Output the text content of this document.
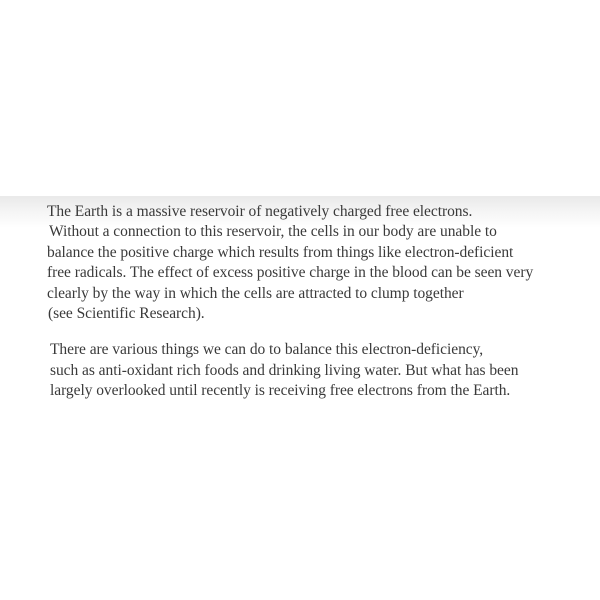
The Earth is a massive reservoir of negatively charged free electrons.
Without a connection to this reservoir, the cells in our body are unable to
balance the positive charge which results from things like electron-deficient
free radicals. The effect of excess positive charge in the blood can be seen very
clearly by the way in which the cells are attracted to clump together
(see Scientific Research).

There are various things we can do to balance this electron-deficiency,
such as anti-oxidant rich foods and drinking living water. But what has been
largely overlooked until recently is receiving free electrons from the Earth.
